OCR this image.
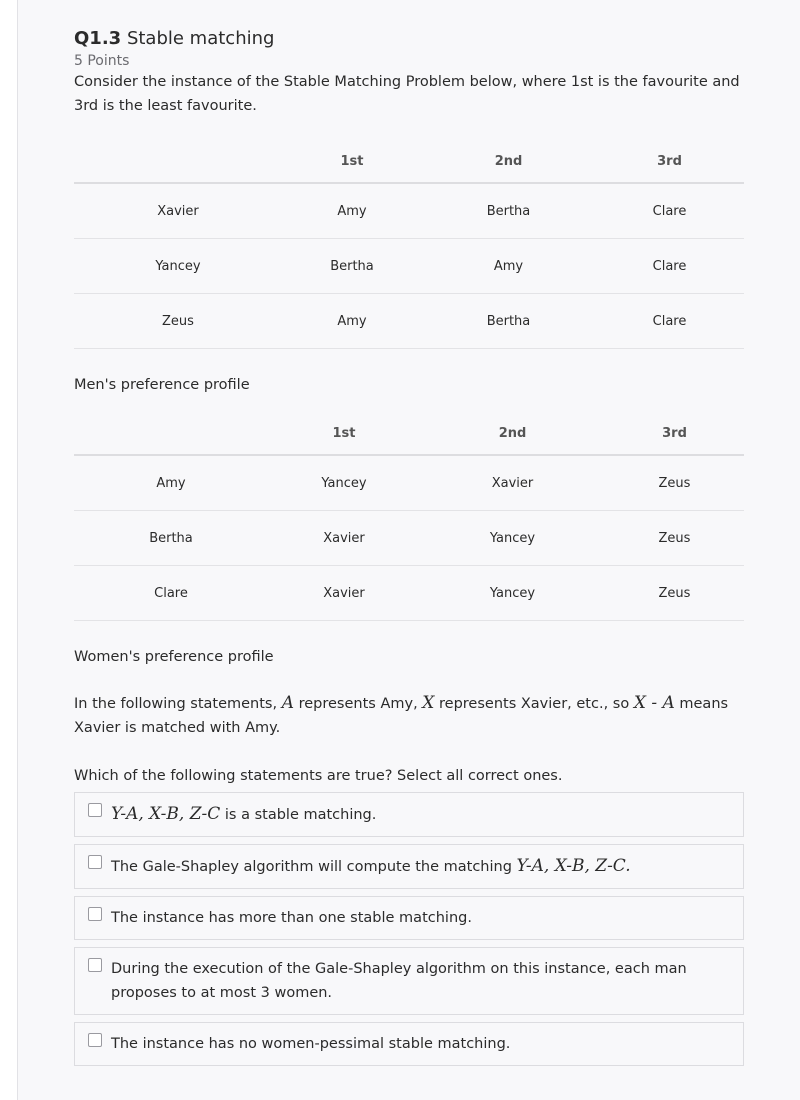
Q1.3 Stable matching
5 Points

Consider the instance of the Stable Matching Problem below, where 1st is the favourite and 3rd is the least favourite.

	1st	2nd	3rd
Xavier	Amy	Bertha	Clare
Yancey	Bertha	Amy	Clare
Zeus	Amy	Bertha	Clare
Men's preference profile
	1st	2nd	3rd
Amy	Yancey	Xavier	Zeus
Bertha	Xavier	Yancey	Zeus
Clare	Xavier	Yancey	Zeus
Women's preference profile

In the following statements, A represents Amy, X represents Xavier, etc., so X - A means Xavier is matched with Amy.

Which of the following statements are true? Select all correct ones.

Y-A, X-B, Z-C is a stable matching.
The Gale-Shapley algorithm will compute the matching Y-A, X-B, Z-C.
The instance has more than one stable matching.
During the execution of the Gale-Shapley algorithm on this instance, each man proposes to at most 3 women.
The instance has no women-pessimal stable matching.
